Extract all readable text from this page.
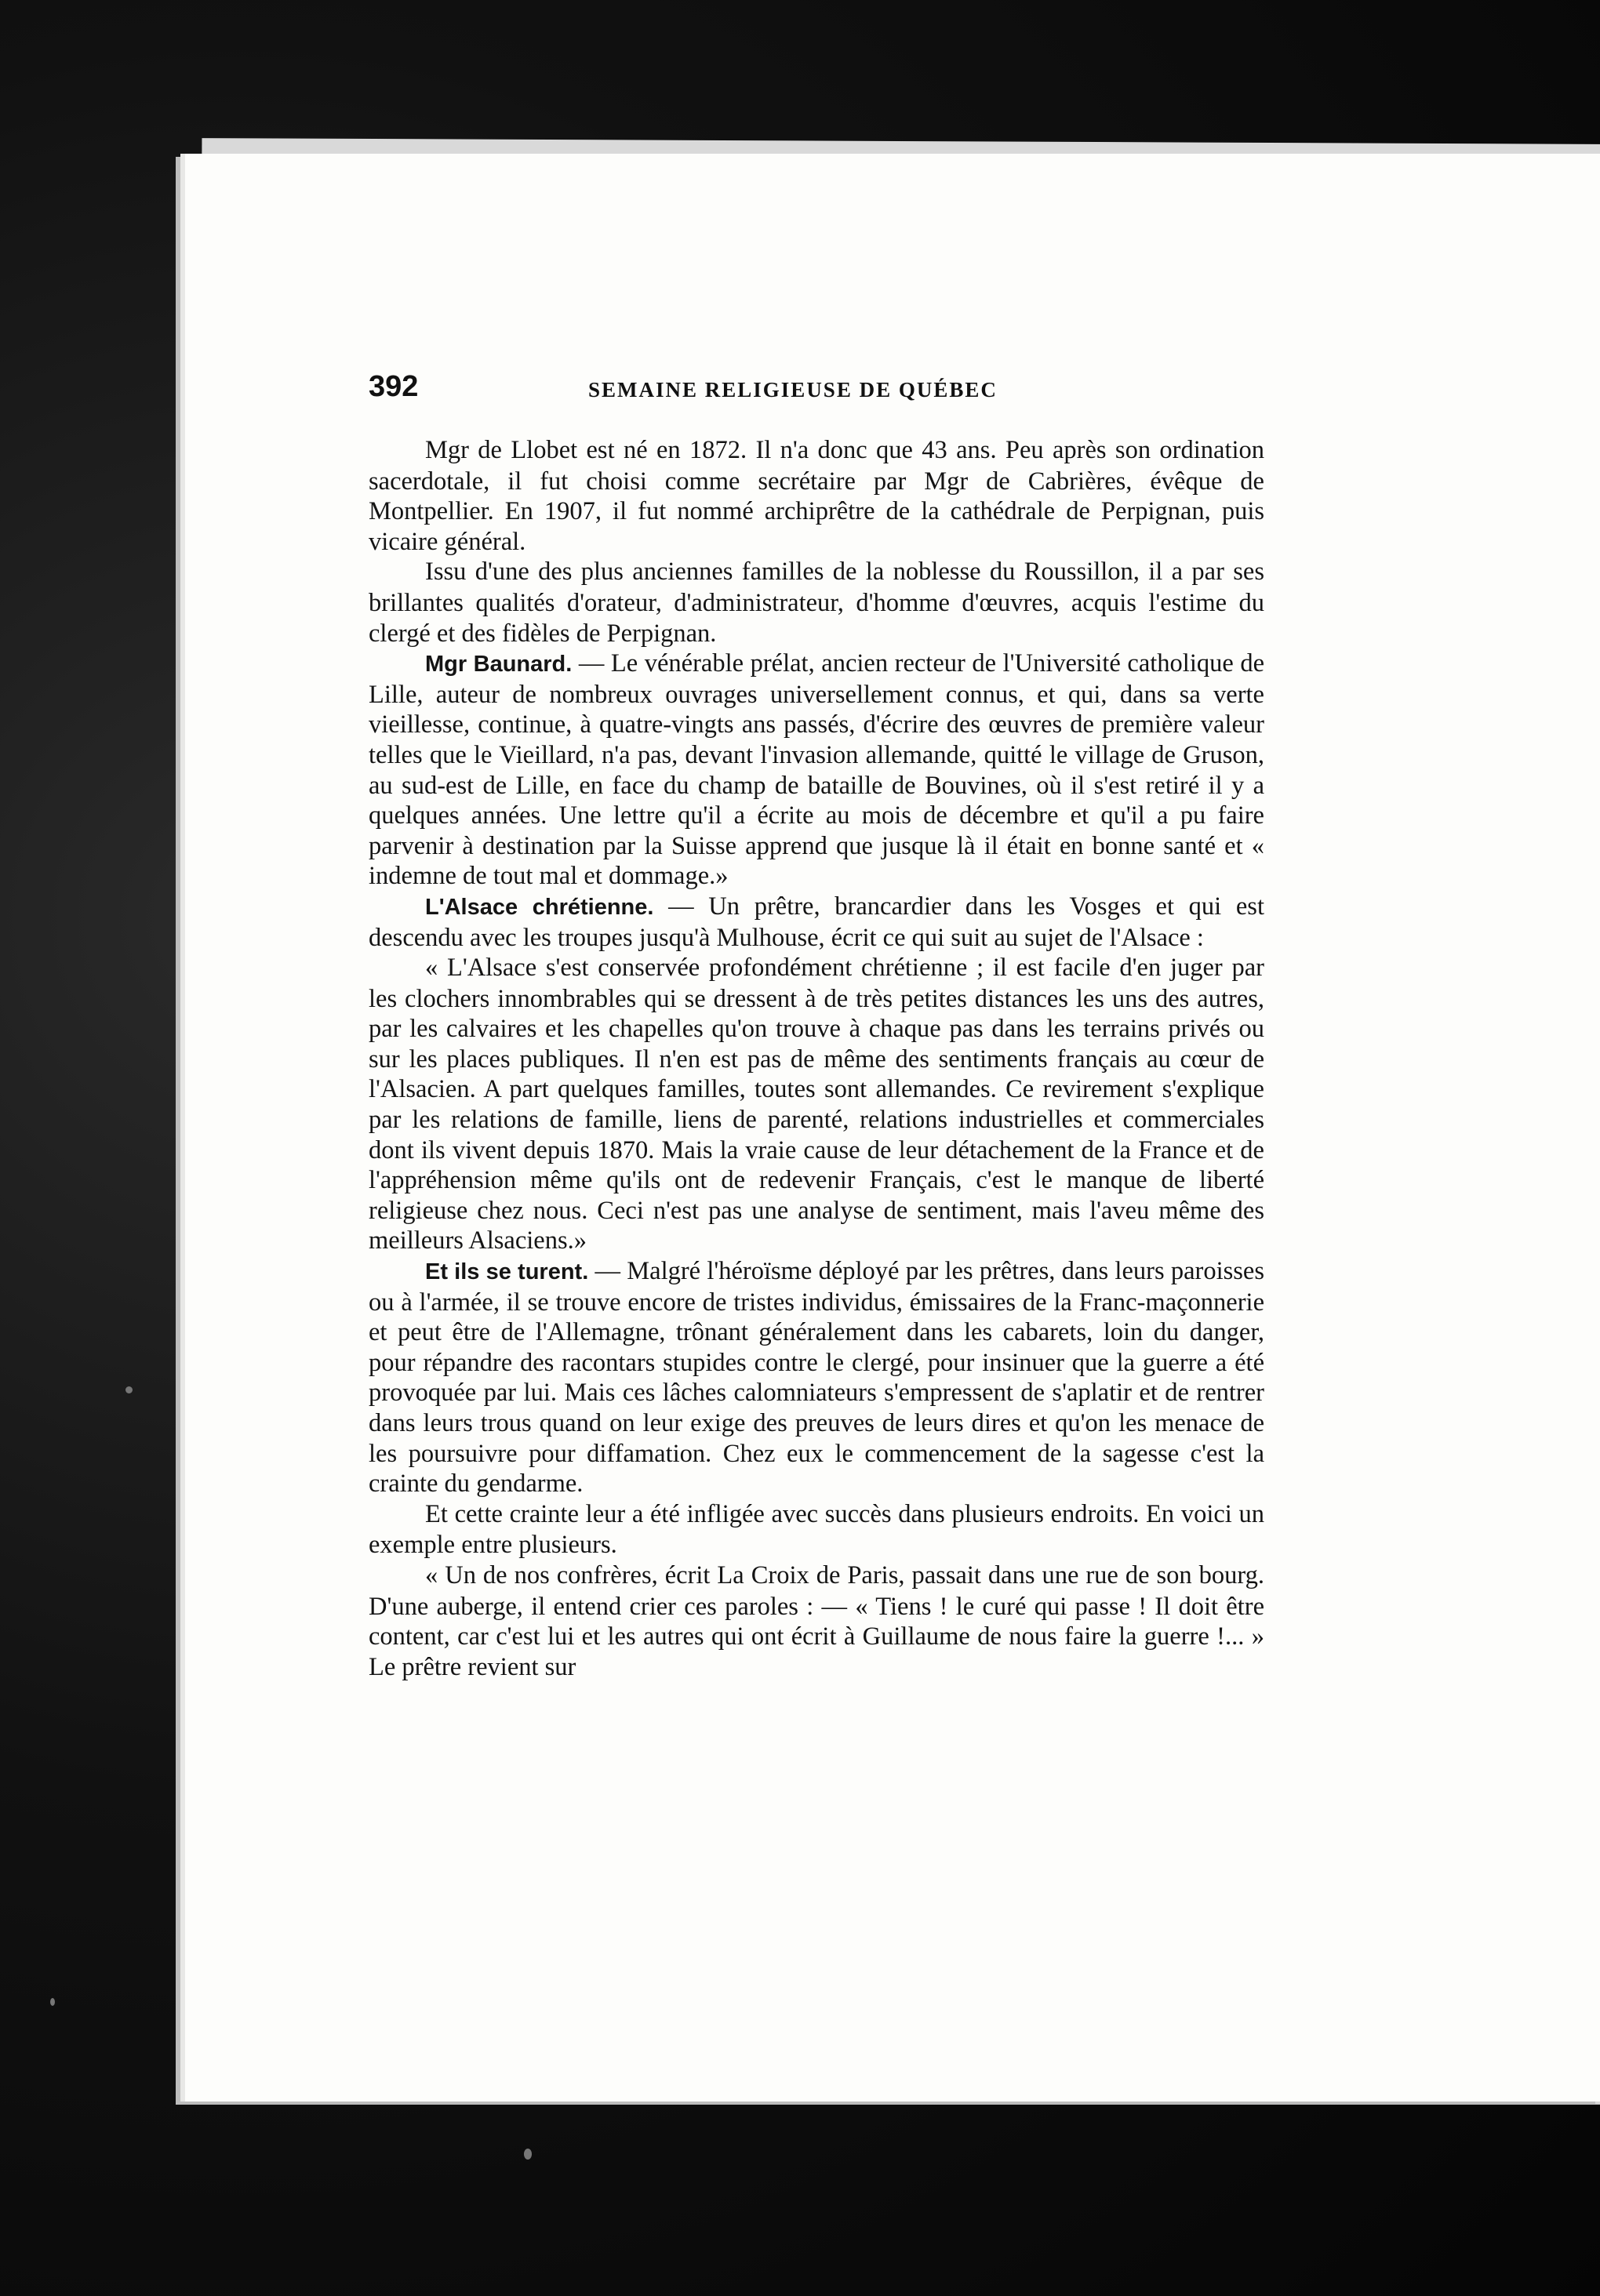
392	SEMAINE RELIGIEUSE DE QUÉBEC

Mgr de Llobet est né en 1872. Il n'a donc que 43 ans. Peu après son ordination sacerdotale, il fut choisi comme secrétaire par Mgr de Cabrières, évêque de Montpellier. En 1907, il fut nommé archiprêtre de la cathédrale de Perpignan, puis vicaire général.

Issu d'une des plus anciennes familles de la noblesse du Roussillon, il a par ses brillantes qualités d'orateur, d'administrateur, d'homme d'œuvres, acquis l'estime du clergé et des fidèles de Perpignan.

Mgr Baunard. — Le vénérable prélat, ancien recteur de l'Université catholique de Lille, auteur de nombreux ouvrages universellement connus, et qui, dans sa verte vieillesse, continue, à quatre-vingts ans passés, d'écrire des œuvres de première valeur telles que le Vieillard, n'a pas, devant l'invasion allemande, quitté le village de Gruson, au sud-est de Lille, en face du champ de bataille de Bouvines, où il s'est retiré il y a quelques années. Une lettre qu'il a écrite au mois de décembre et qu'il a pu faire parvenir à destination par la Suisse apprend que jusque là il était en bonne santé et « indemne de tout mal et dommage.»

L'Alsace chrétienne. — Un prêtre, brancardier dans les Vosges et qui est descendu avec les troupes jusqu'à Mulhouse, écrit ce qui suit au sujet de l'Alsace :

« L'Alsace s'est conservée profondément chrétienne ; il est facile d'en juger par les clochers innombrables qui se dressent à de très petites distances les uns des autres, par les calvaires et les chapelles qu'on trouve à chaque pas dans les terrains privés ou sur les places publiques. Il n'en est pas de même des sentiments français au cœur de l'Alsacien. A part quelques familles, toutes sont allemandes. Ce revirement s'explique par les relations de famille, liens de parenté, relations industrielles et commerciales dont ils vivent depuis 1870. Mais la vraie cause de leur détachement de la France et de l'appréhension même qu'ils ont de redevenir Français, c'est le manque de liberté religieuse chez nous. Ceci n'est pas une analyse de sentiment, mais l'aveu même des meilleurs Alsaciens.»

Et ils se turent. — Malgré l'héroïsme déployé par les prêtres, dans leurs paroisses ou à l'armée, il se trouve encore de tristes individus, émissaires de la Franc-maçonnerie et peut être de l'Allemagne, trônant généralement dans les cabarets, loin du danger, pour répandre des racontars stupides contre le clergé, pour insinuer que la guerre a été provoquée par lui. Mais ces lâches calomniateurs s'empressent de s'aplatir et de rentrer dans leurs trous quand on leur exige des preuves de leurs dires et qu'on les menace de les poursuivre pour diffamation. Chez eux le commencement de la sagesse c'est la crainte du gendarme.

Et cette crainte leur a été infligée avec succès dans plusieurs endroits. En voici un exemple entre plusieurs.

« Un de nos confrères, écrit La Croix de Paris, passait dans une rue de son bourg. D'une auberge, il entend crier ces paroles : — « Tiens ! le curé qui passe ! Il doit être content, car c'est lui et les autres qui ont écrit à Guillaume de nous faire la guerre !... » Le prêtre revient sur
